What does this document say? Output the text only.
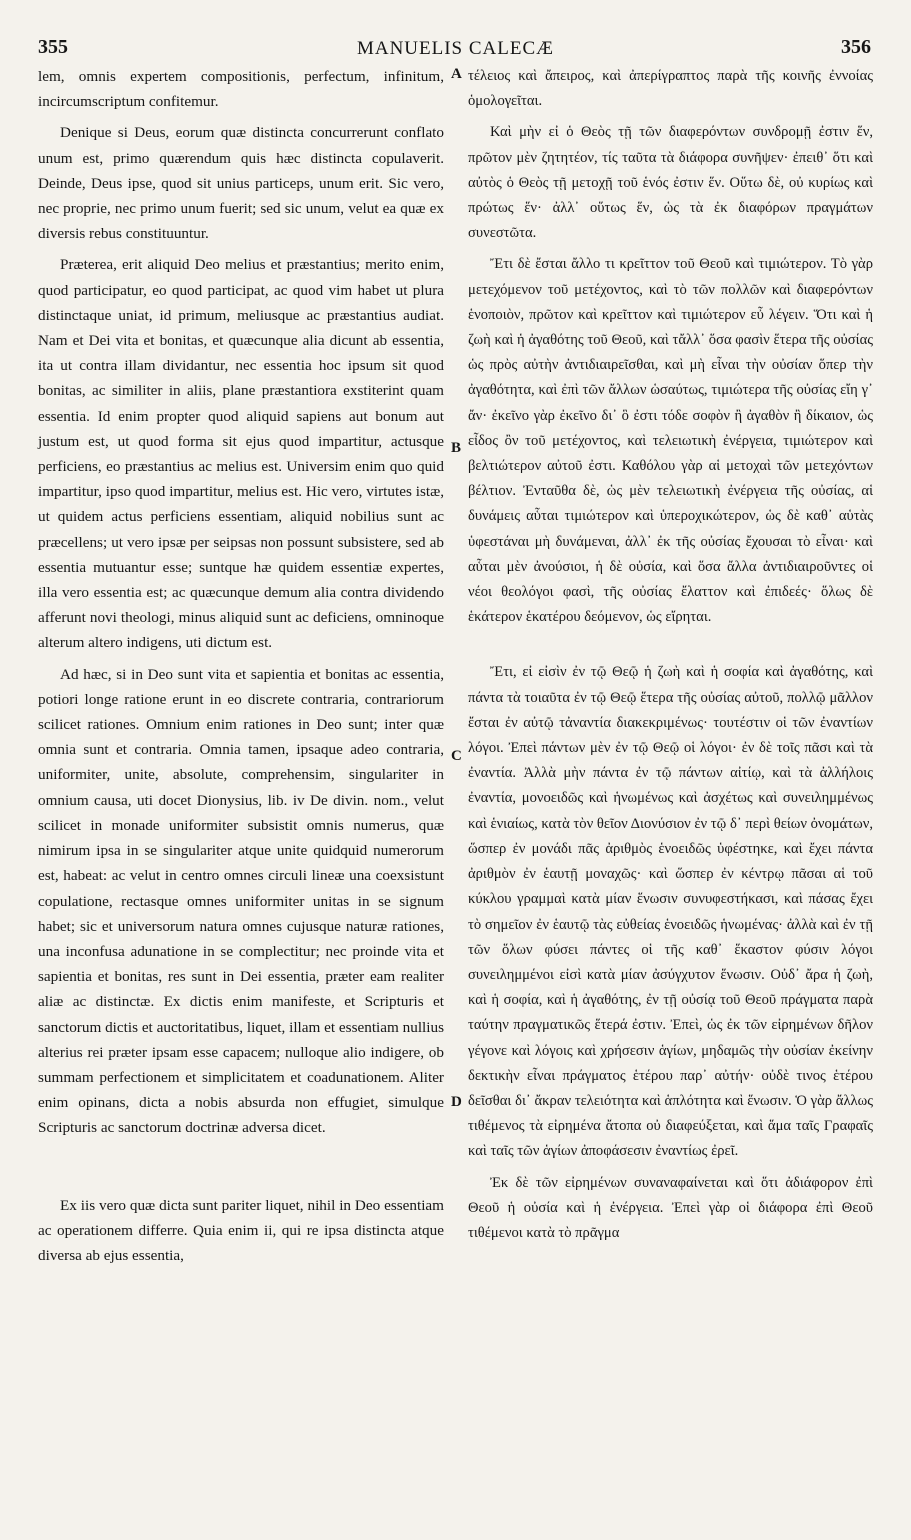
355	MANUELIS CALECÆ	356

lem, omnis expertem compositionis, perfectum, infinitum, incircumscriptum confitemur.

Denique si Deus, eorum quæ distincta concurrerunt conflato unum est, primo quærendum quis hæc distincta copulaverit. Deinde, Deus ipse, quod sit unius particeps, unum erit. Sic vero, nec proprie, nec primo unum fuerit; sed sic unum, velut ea quæ ex diversis rebus constituuntur.

Præterea, erit aliquid Deo melius et præstantius; merito enim, quod participatur, eo quod participat, ac quod vim habet ut plura distinctaque uniat, id primum, meliusque ac præstantius audiat. Nam et Dei vita et bonitas, et quæcunque alia dicunt ab essentia, ita ut contra illam dividantur, nec essentia hoc ipsum sit quod bonitas, ac similiter in aliis, plane præstantiora exstiterint quam essentia. Id enim propter quod aliquid sapiens aut bonum aut justum est, ut quod forma sit ejus quod impartitur, actusque perficiens, eo præstantius ac melius est. Universim enim quo quid impartitur, ipso quod impartitur, melius est. Hic vero, virtutes istæ, ut quidem actus perficiens essentiam, aliquid nobilius sunt ac præcellens; ut vero ipsæ per seipsas non possunt subsistere, sed ab essentia mutuantur esse; suntque hæ quidem essentiæ expertes, illa vero essentia est; ac quæcunque demum alia contra dividendo afferunt novi theologi, minus aliquid sunt ac deficiens, omninoque alterum altero indigens, uti dictum est.

Ad hæc, si in Deo sunt vita et sapientia et bonitas ac essentia, potiori longe ratione erunt in eo discrete contraria, contrariorum scilicet rationes. Omnium enim rationes in Deo sunt; inter quæ omnia sunt et contraria. Omnia tamen, ipsaque adeo contraria, uniformiter, unite, absolute, comprehensim, singulariter in omnium causa, uti docet Dionysius, lib. iv De divin. nom., velut scilicet in monade uniformiter subsistit omnis numerus, quæ nimirum ipsa in se singulariter atque unite quidquid numerorum est, habeat: ac velut in centro omnes circuli lineæ una coexsistunt copulatione, rectasque omnes uniformiter unitas in se signum habet; sic et universorum natura omnes cujusque naturæ rationes, una inconfusa adunatione in se complectitur; nec proinde vita et sapientia et bonitas, res sunt in Dei essentia, præter eam realiter aliæ ac distinctæ. Ex dictis enim manifeste, et Scripturis et sanctorum dictis et auctoritatibus, liquet, illam et essentiam nullius alterius rei præter ipsam esse capacem; nulloque alio indigere, ob summam perfectionem et simplicitatem et coadunationem. Aliter enim opinans, dicta a nobis absurda non effugiet, simulque Scripturis ac sanctorum doctrinæ adversa dicet.

Ex iis vero quæ dicta sunt pariter liquet, nihil in Deo essentiam ac operationem differre. Quia enim ii, qui re ipsa distincta atque diversa ab ejus essentia,

A
B
C
D

τέλειος καὶ ἄπειρος, καὶ ἀπερίγραπτος παρὰ τῆς κοινῆς ἐννοίας ὁμολογεῖται.

Καὶ μὴν εἰ ὁ Θεὸς τῇ τῶν διαφερόντων συνδρομῇ ἐστιν ἕν, πρῶτον μὲν ζητητέον, τίς ταῦτα τὰ διάφορα συνῆψεν· ἐπειθ᾽ ὅτι καὶ αὐτὸς ὁ Θεὸς τῇ μετοχῇ τοῦ ἑνός ἐστιν ἕν. Οὕτω δὲ, οὐ κυρίως καὶ πρώτως ἕν· ἀλλ᾽ οὕτως ἕν, ὡς τὰ ἐκ διαφόρων πραγμάτων συνεστῶτα.

Ἔτι δὲ ἔσται ἄλλο τι κρεῖττον τοῦ Θεοῦ καὶ τιμιώτερον. Τὸ γὰρ μετεχόμενον τοῦ μετέχοντος, καὶ τὸ τῶν πολλῶν καὶ διαφερόντων ἑνοποιὸν, πρῶτον καὶ κρεῖττον καὶ τιμιώτερον εὖ λέγειν. Ὅτι καὶ ἡ ζωὴ καὶ ἡ ἀγαθότης τοῦ Θεοῦ, καὶ τἄλλ᾽ ὅσα φασὶν ἕτερα τῆς οὐσίας ὡς πρὸς αὐτὴν ἀντιδιαιρεῖσθαι, καὶ μὴ εἶναι τὴν οὐσίαν ὅπερ τὴν ἀγαθότητα, καὶ ἐπὶ τῶν ἄλλων ὡσαύτως, τιμιώτερα τῆς οὐσίας εἴη γ᾽ ἄν· ἐκεῖνο γὰρ ἐκεῖνο δι᾽ ὃ ἐστι τόδε σοφὸν ἢ ἀγαθὸν ἢ δίκαιον, ὡς εἶδος ὂν τοῦ μετέχοντος, καὶ τελειωτικὴ ἐνέργεια, τιμιώτερον καὶ βελτιώτερον αὐτοῦ ἐστι. Καθόλου γὰρ αἱ μετοχαὶ τῶν μετεχόντων βέλτιον. Ἐνταῦθα δὲ, ὡς μὲν τελειωτικὴ ἐνέργεια τῆς οὐσίας, αἱ δυνάμεις αὗται τιμιώτερον καὶ ὑπεροχικώτερον, ὡς δὲ καθ᾽ αὑτὰς ὑφεστάναι μὴ δυνάμεναι, ἀλλ᾽ ἐκ τῆς οὐσίας ἔχουσαι τὸ εἶναι· καὶ αὗται μὲν ἀνούσιοι, ἡ δὲ οὐσία, καὶ ὅσα ἄλλα ἀντιδιαιροῦντες οἱ νέοι θεολόγοι φασὶ, τῆς οὐσίας ἔλαττον καὶ ἐπιδεές· ὅλως δὲ ἑκάτερον ἑκατέρου δεόμενον, ὡς εἴρηται.

Ἔτι, εἰ εἰσὶν ἐν τῷ Θεῷ ἡ ζωὴ καὶ ἡ σοφία καὶ ἀγαθότης, καὶ πάντα τὰ τοιαῦτα ἐν τῷ Θεῷ ἕτερα τῆς οὐσίας αὐτοῦ, πολλῷ μᾶλλον ἔσται ἐν αὐτῷ τἀναντία διακεκριμένως· τουτέστιν οἱ τῶν ἐναντίων λόγοι. Ἐπεὶ πάντων μὲν ἐν τῷ Θεῷ οἱ λόγοι· ἐν δὲ τοῖς πᾶσι καὶ τὰ ἐναντία. Ἀλλὰ μὴν πάντα ἐν τῷ πάντων αἰτίῳ, καὶ τὰ ἀλλήλοις ἐναντία, μονοειδῶς καὶ ἡνωμένως καὶ ἀσχέτως καὶ συνειλημμένως καὶ ἑνιαίως, κατὰ τὸν θεῖον Διονύσιον ἐν τῷ δ᾽ περὶ θείων ὀνομάτων, ὥσπερ ἐν μονάδι πᾶς ἀριθμὸς ἑνοειδῶς ὑφέστηκε, καὶ ἔχει πάντα ἀριθμὸν ἐν ἑαυτῇ μοναχῶς· καὶ ὥσπερ ἐν κέντρῳ πᾶσαι αἱ τοῦ κύκλου γραμμαὶ κατὰ μίαν ἕνωσιν συνυφεστήκασι, καὶ πάσας ἔχει τὸ σημεῖον ἐν ἑαυτῷ τὰς εὐθείας ἑνοειδῶς ἡνωμένας· ἀλλὰ καὶ ἐν τῇ τῶν ὅλων φύσει πάντες οἱ τῆς καθ᾽ ἕκαστον φύσιν λόγοι συνειλημμένοι εἰσὶ κατὰ μίαν ἀσύγχυτον ἕνωσιν. Οὐδ᾽ ἄρα ἡ ζωὴ, καὶ ἡ σοφία, καὶ ἡ ἀγαθότης, ἐν τῇ οὐσίᾳ τοῦ Θεοῦ πράγματα παρὰ ταύτην πραγματικῶς ἕτερά ἐστιν. Ἐπεὶ, ὡς ἐκ τῶν εἰρημένων δῆλον γέγονε καὶ λόγοις καὶ χρήσεσιν ἁγίων, μηδαμῶς τὴν οὐσίαν ἐκείνην δεκτικὴν εἶναι πράγματος ἑτέρου παρ᾽ αὐτήν· οὐδὲ τινος ἑτέρου δεῖσθαι δι᾽ ἄκραν τελειότητα καὶ ἁπλότητα καὶ ἕνωσιν. Ὁ γὰρ ἄλλως τιθέμενος τὰ εἰρημένα ἄτοπα οὐ διαφεύξεται, καὶ ἅμα ταῖς Γραφαῖς καὶ ταῖς τῶν ἁγίων ἀποφάσεσιν ἐναντίως ἐρεῖ.

Ἐκ δὲ τῶν εἰρημένων συναναφαίνεται καὶ ὅτι ἀδιάφορον ἐπὶ Θεοῦ ἡ οὐσία καὶ ἡ ἐνέργεια. Ἐπεὶ γὰρ οἱ διάφορα ἐπὶ Θεοῦ τιθέμενοι κατὰ τὸ πρᾶγμα
